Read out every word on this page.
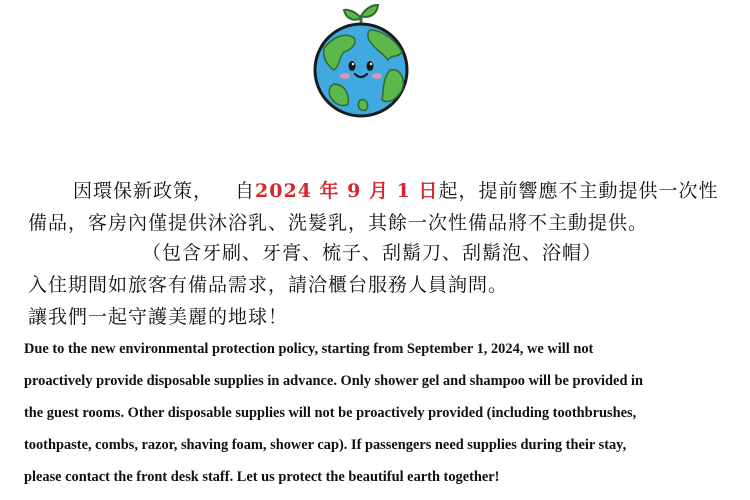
因環保新政策， 自2024 年 9 月 1 日起，提前響應不主動提供一次性
備品，客房內僅提供沐浴乳、洗髮乳，其餘一次性備品將不主動提供。
（包含牙刷、牙膏、梳子、刮鬍刀、刮鬍泡、浴帽）
入住期間如旅客有備品需求，請洽櫃台服務人員詢問。
讓我們一起守護美麗的地球！
Due to the new environmental protection policy, starting from September 1, 2024, we will not
proactively provide disposable supplies in advance. Only shower gel and shampoo will be provided in
the guest rooms. Other disposable supplies will not be proactively provided (including toothbrushes,
toothpaste, combs, razor, shaving foam, shower cap). If passengers need supplies during their stay,
please contact the front desk staff. Let us protect the beautiful earth together!
